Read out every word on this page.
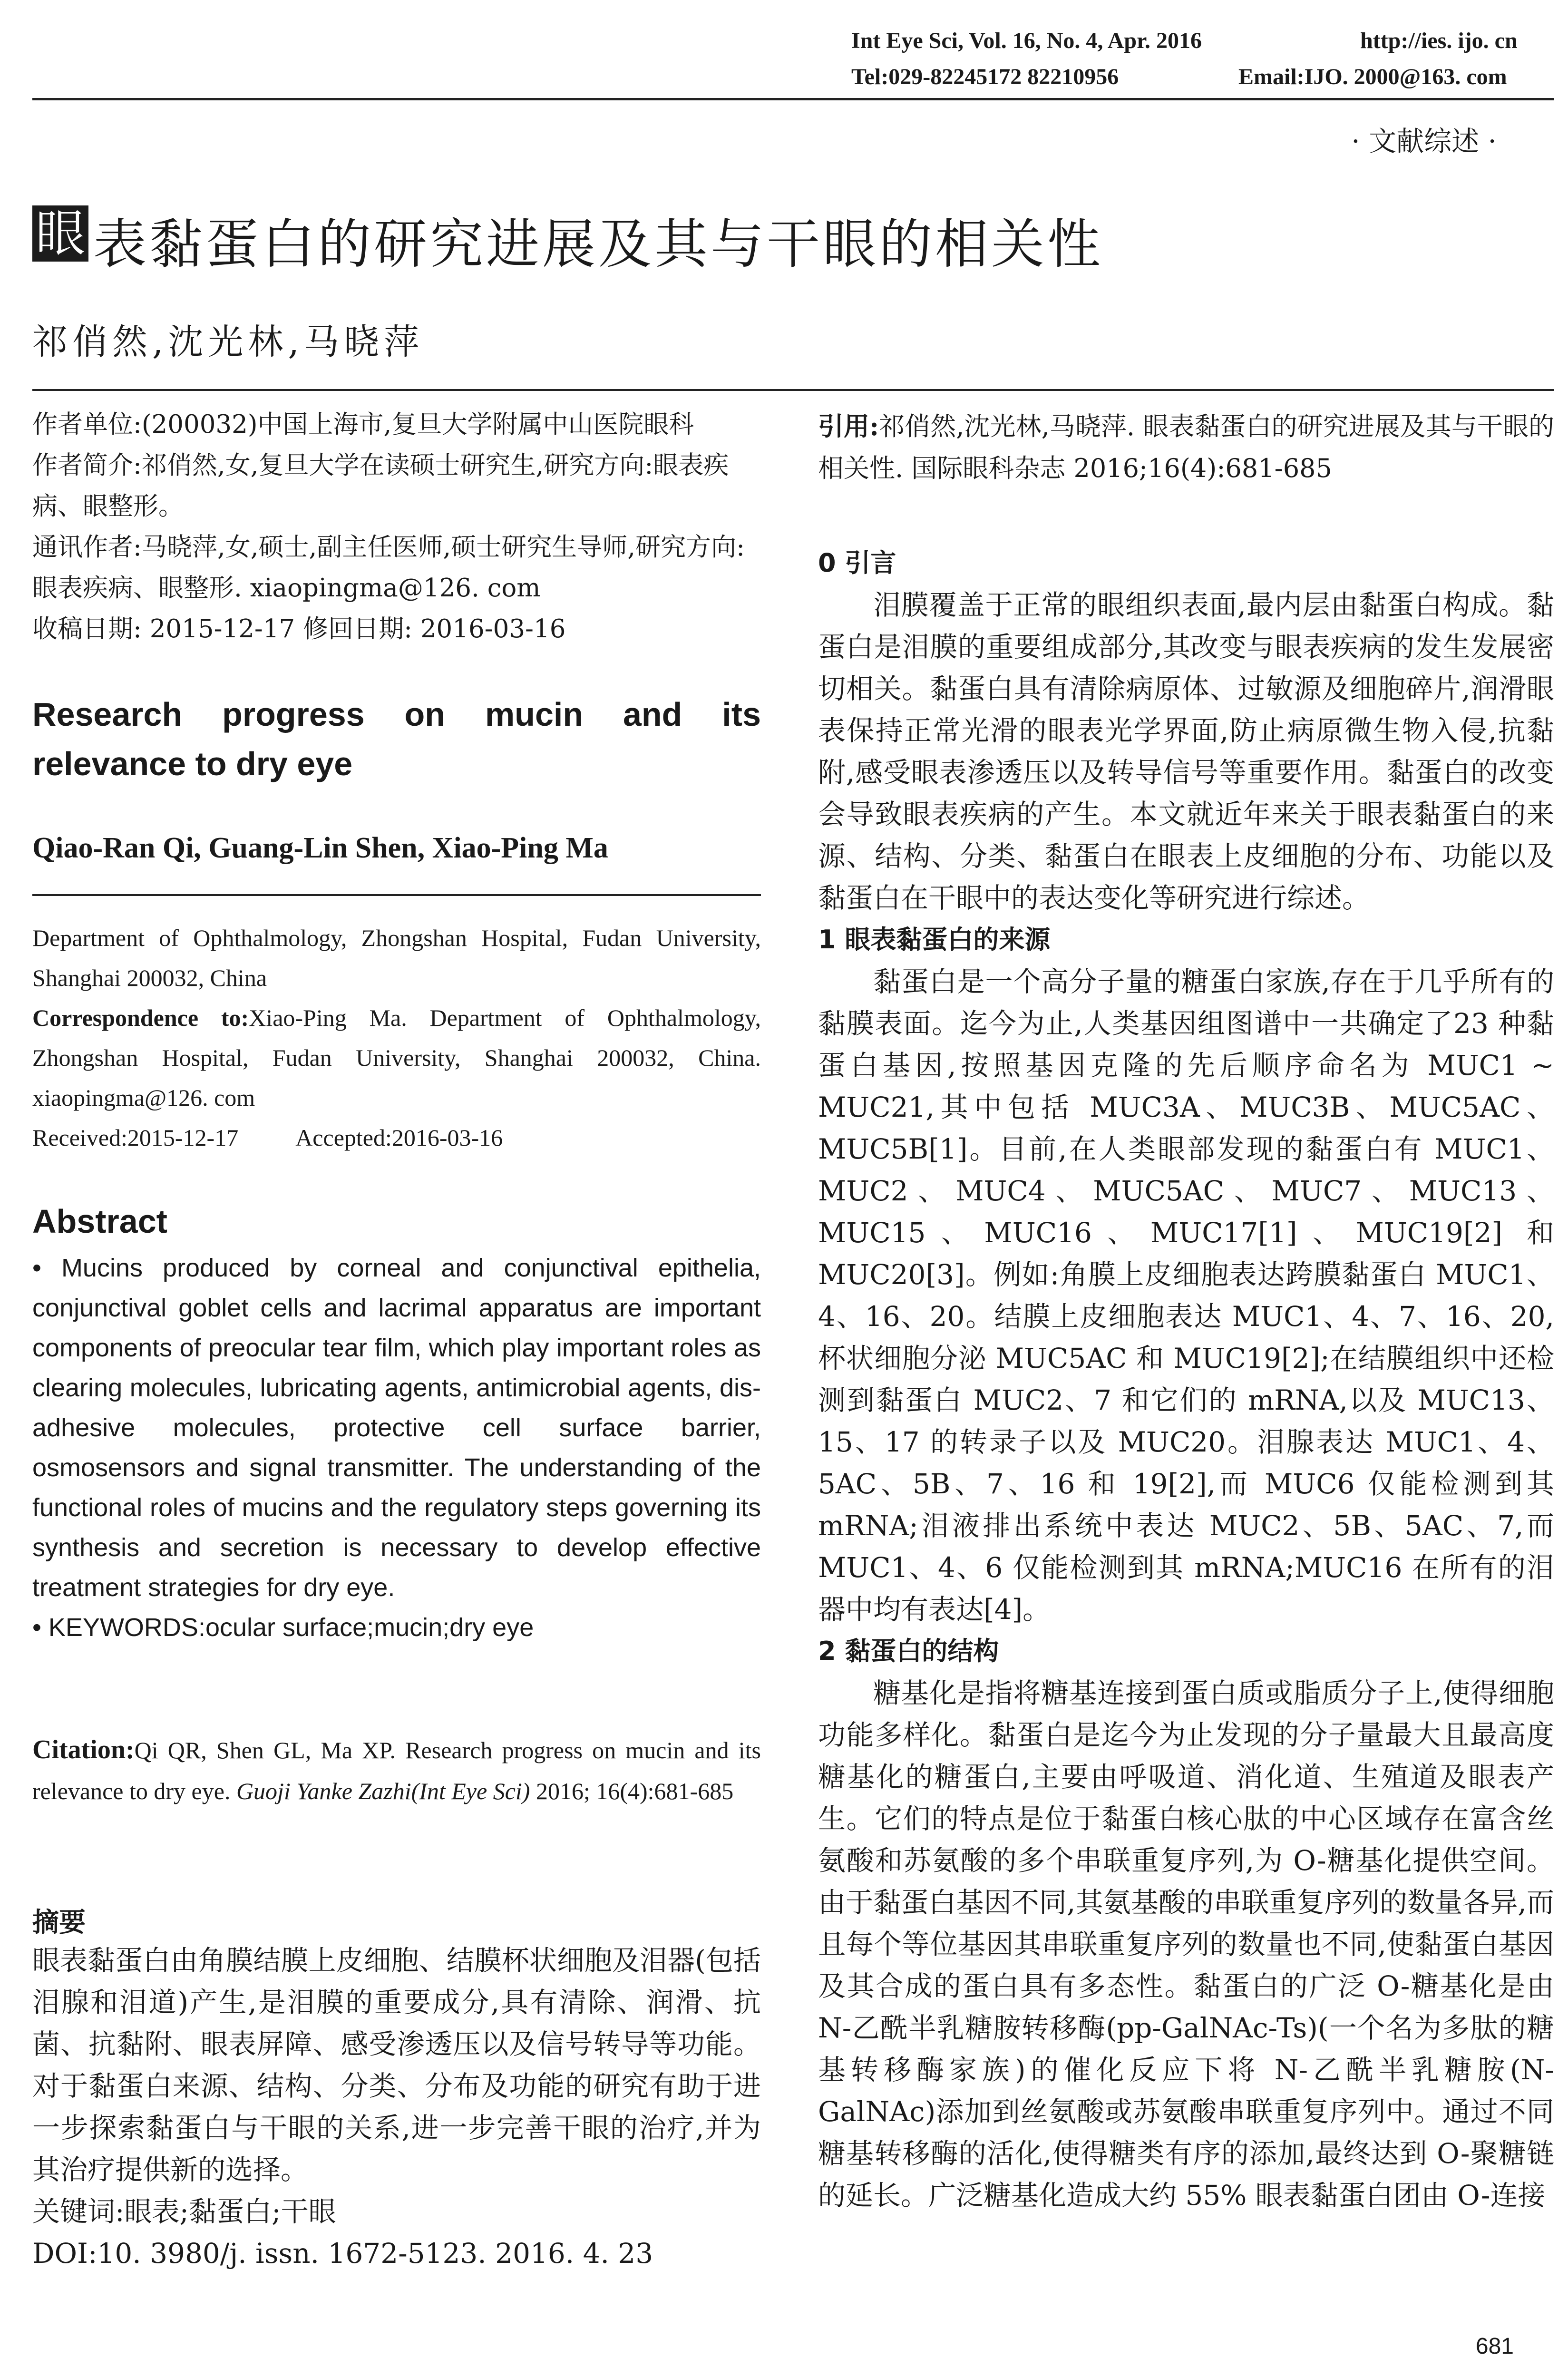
Int Eye Sci, Vol. 16, No. 4, Apr. 2016	http://ies. ijo. cn
Tel:029-82245172 82210956	Email:IJO. 2000@163. com
· 文献综述 ·
眼 表黏蛋白的研究进展及其与干眼的相关性
祁俏然,沈光林,马晓萍

作者单位:(200032)中国上海市,复旦大学附属中山医院眼科

作者简介:祁俏然,女,复旦大学在读硕士研究生,研究方向:眼表疾病、眼整形。

通讯作者:马晓萍,女,硕士,副主任医师,硕士研究生导师,研究方向:眼表疾病、眼整形. xiaopingma@126. com

收稿日期: 2015-12-17 修回日期: 2016-03-16

Research progress on mucin and its
relevance to dry eye
Qiao-Ran Qi, Guang-Lin Shen, Xiao-Ping Ma

Department of Ophthalmology, Zhongshan Hospital, Fudan University, Shanghai 200032, China

Correspondence to:Xiao-Ping Ma. Department of Ophthalmology, Zhongshan Hospital, Fudan University, Shanghai 200032, China. xiaopingma@126. com

Received:2015-12-17 Accepted:2016-03-16

Abstract

• Mucins produced by corneal and conjunctival epithelia, conjunctival goblet cells and lacrimal apparatus are important components of preocular tear film, which play important roles as clearing molecules, lubricating agents, antimicrobial agents, dis-adhesive molecules, protective cell surface barrier, osmosensors and signal transmitter. The understanding of the functional roles of mucins and the regulatory steps governing its synthesis and secretion is necessary to develop effective treatment strategies for dry eye.

• KEYWORDS:ocular surface;mucin;dry eye

Citation:Qi QR, Shen GL, Ma XP. Research progress on mucin and its relevance to dry eye. Guoji Yanke Zazhi(Int Eye Sci) 2016; 16(4):681-685
摘要

眼表黏蛋白由角膜结膜上皮细胞、结膜杯状细胞及泪器(包括泪腺和泪道)产生,是泪膜的重要成分,具有清除、润滑、抗菌、抗黏附、眼表屏障、感受渗透压以及信号转导等功能。对于黏蛋白来源、结构、分类、分布及功能的研究有助于进一步探索黏蛋白与干眼的关系,进一步完善干眼的治疗,并为其治疗提供新的选择。

关键词:眼表;黏蛋白;干眼

DOI:10. 3980/j. issn. 1672-5123. 2016. 4. 23

引用:祁俏然,沈光林,马晓萍. 眼表黏蛋白的研究进展及其与干眼的相关性. 国际眼科杂志 2016;16(4):681-685
0 引言
泪膜覆盖于正常的眼组织表面,最内层由黏蛋白构成。黏蛋白是泪膜的重要组成部分,其改变与眼表疾病的发生发展密切相关。黏蛋白具有清除病原体、过敏源及细胞碎片,润滑眼表保持正常光滑的眼表光学界面,防止病原微生物入侵,抗黏附,感受眼表渗透压以及转导信号等重要作用。黏蛋白的改变会导致眼表疾病的产生。本文就近年来关于眼表黏蛋白的来源、结构、分类、黏蛋白在眼表上皮细胞的分布、功能以及黏蛋白在干眼中的表达变化等研究进行综述。
1 眼表黏蛋白的来源
黏蛋白是一个高分子量的糖蛋白家族,存在于几乎所有的黏膜表面。迄今为止,人类基因组图谱中一共确定了23 种黏蛋白基因,按照基因克隆的先后顺序命名为 MUC1 ~ MUC21,其中包括 MUC3A、MUC3B、MUC5AC、MUC5B[1]。目前,在人类眼部发现的黏蛋白有 MUC1、MUC2、MUC4、MUC5AC、MUC7、MUC13、MUC15、MUC16、MUC17[1]、MUC19[2] 和 MUC20[3]。例如:角膜上皮细胞表达跨膜黏蛋白 MUC1、4、16、20。结膜上皮细胞表达 MUC1、4、7、16、20,杯状细胞分泌 MUC5AC 和 MUC19[2];在结膜组织中还检测到黏蛋白 MUC2、7 和它们的 mRNA,以及 MUC13、15、17 的转录子以及 MUC20。泪腺表达 MUC1、4、5AC、5B、7、16 和 19[2],而 MUC6 仅能检测到其 mRNA;泪液排出系统中表达 MUC2、5B、5AC、7,而 MUC1、4、6 仅能检测到其 mRNA;MUC16 在所有的泪器中均有表达[4]。
2 黏蛋白的结构
糖基化是指将糖基连接到蛋白质或脂质分子上,使得细胞功能多样化。黏蛋白是迄今为止发现的分子量最大且最高度糖基化的糖蛋白,主要由呼吸道、消化道、生殖道及眼表产生。它们的特点是位于黏蛋白核心肽的中心区域存在富含丝氨酸和苏氨酸的多个串联重复序列,为 O-糖基化提供空间。由于黏蛋白基因不同,其氨基酸的串联重复序列的数量各异,而且每个等位基因其串联重复序列的数量也不同,使黏蛋白基因及其合成的蛋白具有多态性。黏蛋白的广泛 O-糖基化是由 N-乙酰半乳糖胺转移酶(pp-GalNAc-Ts)(一个名为多肽的糖基转移酶家族)的催化反应下将 N-乙酰半乳糖胺(N-GalNAc)添加到丝氨酸或苏氨酸串联重复序列中。通过不同糖基转移酶的活化,使得糖类有序的添加,最终达到 O-聚糖链的延长。广泛糖基化造成大约 55% 眼表黏蛋白团由 O-连接
681
